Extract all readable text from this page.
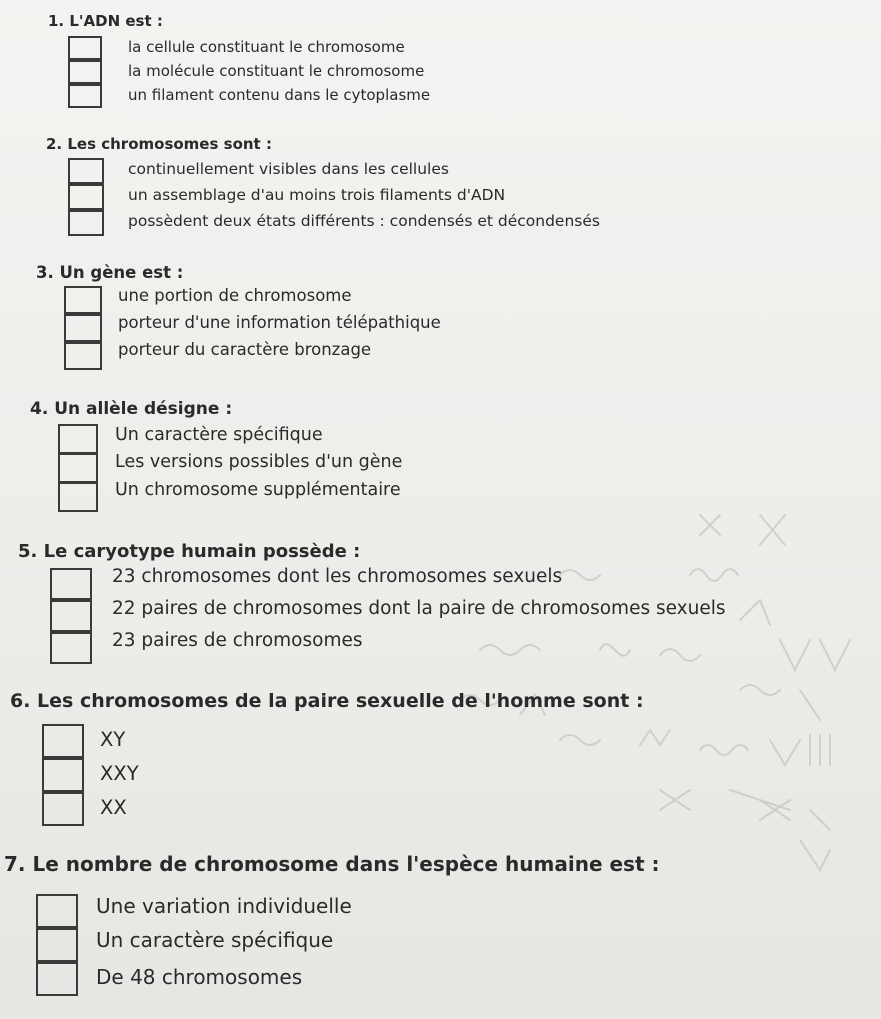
1. L'ADN est :
la cellule constituant le chromosome
la molécule constituant le chromosome
un filament contenu dans le cytoplasme
2. Les chromosomes sont :
continuellement visibles dans les cellules
un assemblage d'au moins trois filaments d'ADN
possèdent deux états différents : condensés et décondensés
3. Un gène est :
une portion de chromosome
porteur d'une information télépathique
porteur du caractère bronzage
4. Un allèle désigne :
Un caractère spécifique
Les versions possibles d'un gène
Un chromosome supplémentaire
5. Le caryotype humain possède :
23 chromosomes dont les chromosomes sexuels
22 paires de chromosomes dont la paire de chromosomes sexuels
23 paires de chromosomes
6. Les chromosomes de la paire sexuelle de l'homme sont :
XY
XXY
XX
7. Le nombre de chromosome dans l'espèce humaine est :
Une variation individuelle
Un caractère spécifique
De 48 chromosomes
